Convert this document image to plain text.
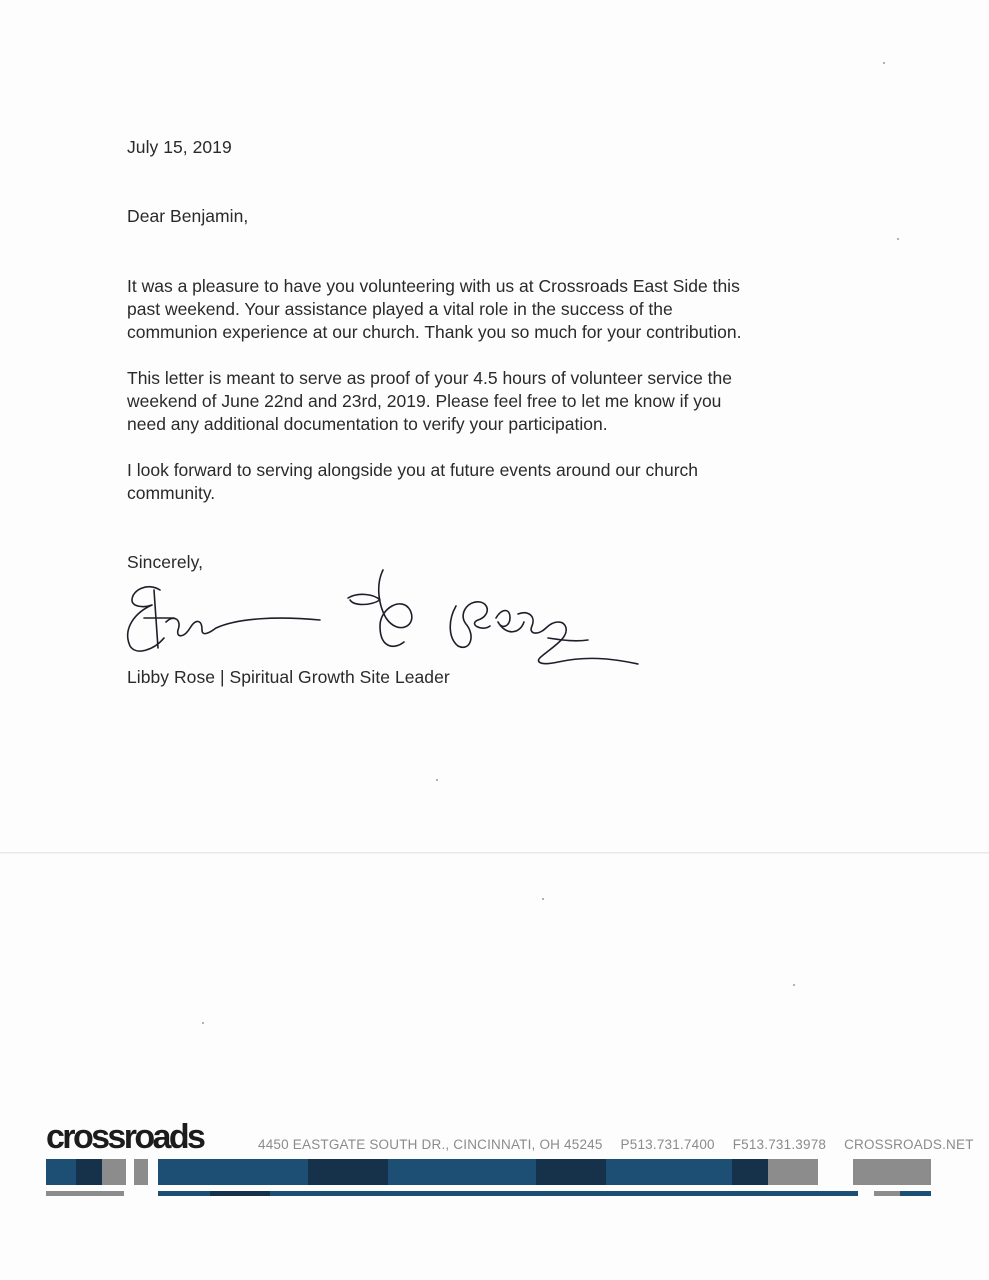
July 15, 2019
Dear Benjamin,
It was a pleasure to have you volunteering with us at Crossroads East Side this
past weekend. Your assistance played a vital role in the success of the
communion experience at our church. Thank you so much for your contribution.
This letter is meant to serve as proof of your 4.5 hours of volunteer service the
weekend of June 22nd and 23rd, 2019. Please feel free to let me know if you
need any additional documentation to verify your participation.
I look forward to serving alongside you at future events around our church
community.
Sincerely,
Libby Rose | Spiritual Growth Site Leader
crossroads	4450 EASTGATE SOUTH DR., CINCINNATI, OH 45245 P513.731.7400 F513.731.3978 CROSSROADS.NET
